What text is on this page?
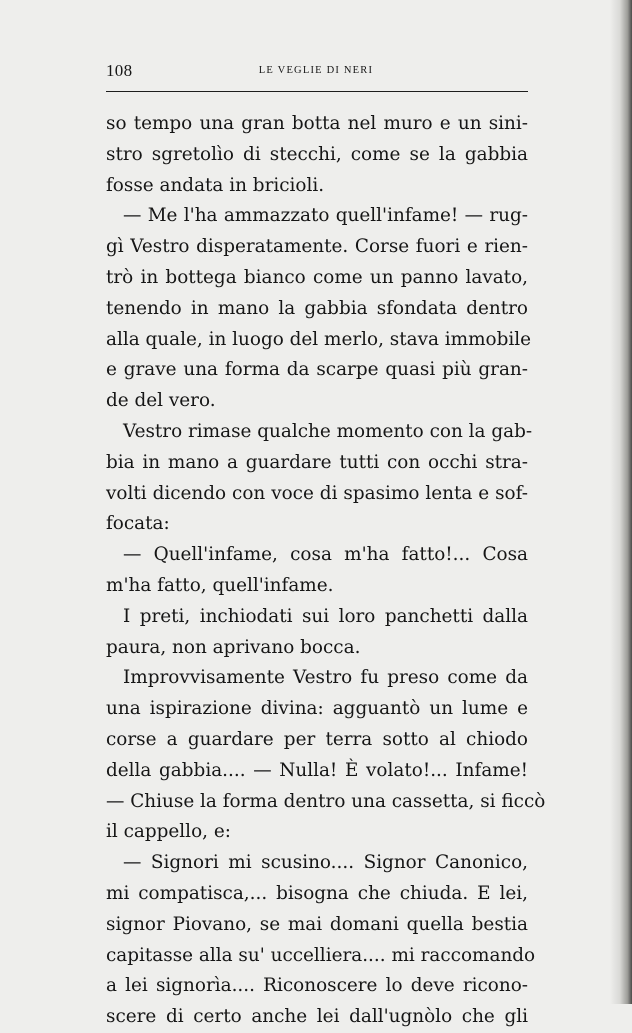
108	LE VEGLIE DI NERI
so tempo una gran botta nel muro e un sini-
stro sgretolìo di stecchi, come se la gabbia
fosse andata in bricioli.
— Me l'ha ammazzato quell'infame! — rug-
gì Vestro disperatamente. Corse fuori e rien-
trò in bottega bianco come un panno lavato,
tenendo in mano la gabbia sfondata dentro
alla quale, in luogo del merlo, stava immobile
e grave una forma da scarpe quasi più gran-
de del vero.
Vestro rimase qualche momento con la gab-
bia in mano a guardare tutti con occhi stra-
volti dicendo con voce di spasimo lenta e sof-
focata:
— Quell'infame, cosa m'ha fatto!... Cosa
m'ha fatto, quell'infame.
I preti, inchiodati sui loro panchetti dalla
paura, non aprivano bocca.
Improvvisamente Vestro fu preso come da
una ispirazione divina: agguantò un lume e
corse a guardare per terra sotto al chiodo
della gabbia.... — Nulla! È volato!... Infame!
— Chiuse la forma dentro una cassetta, si ficcò
il cappello, e:
— Signori mi scusino.... Signor Canonico,
mi compatisca,... bisogna che chiuda. E lei,
signor Piovano, se mai domani quella bestia
capitasse alla su' uccelliera.... mi raccomando
a lei signorìa.... Riconoscere lo deve ricono-
scere di certo anche lei dall'ugnòlo che gli
